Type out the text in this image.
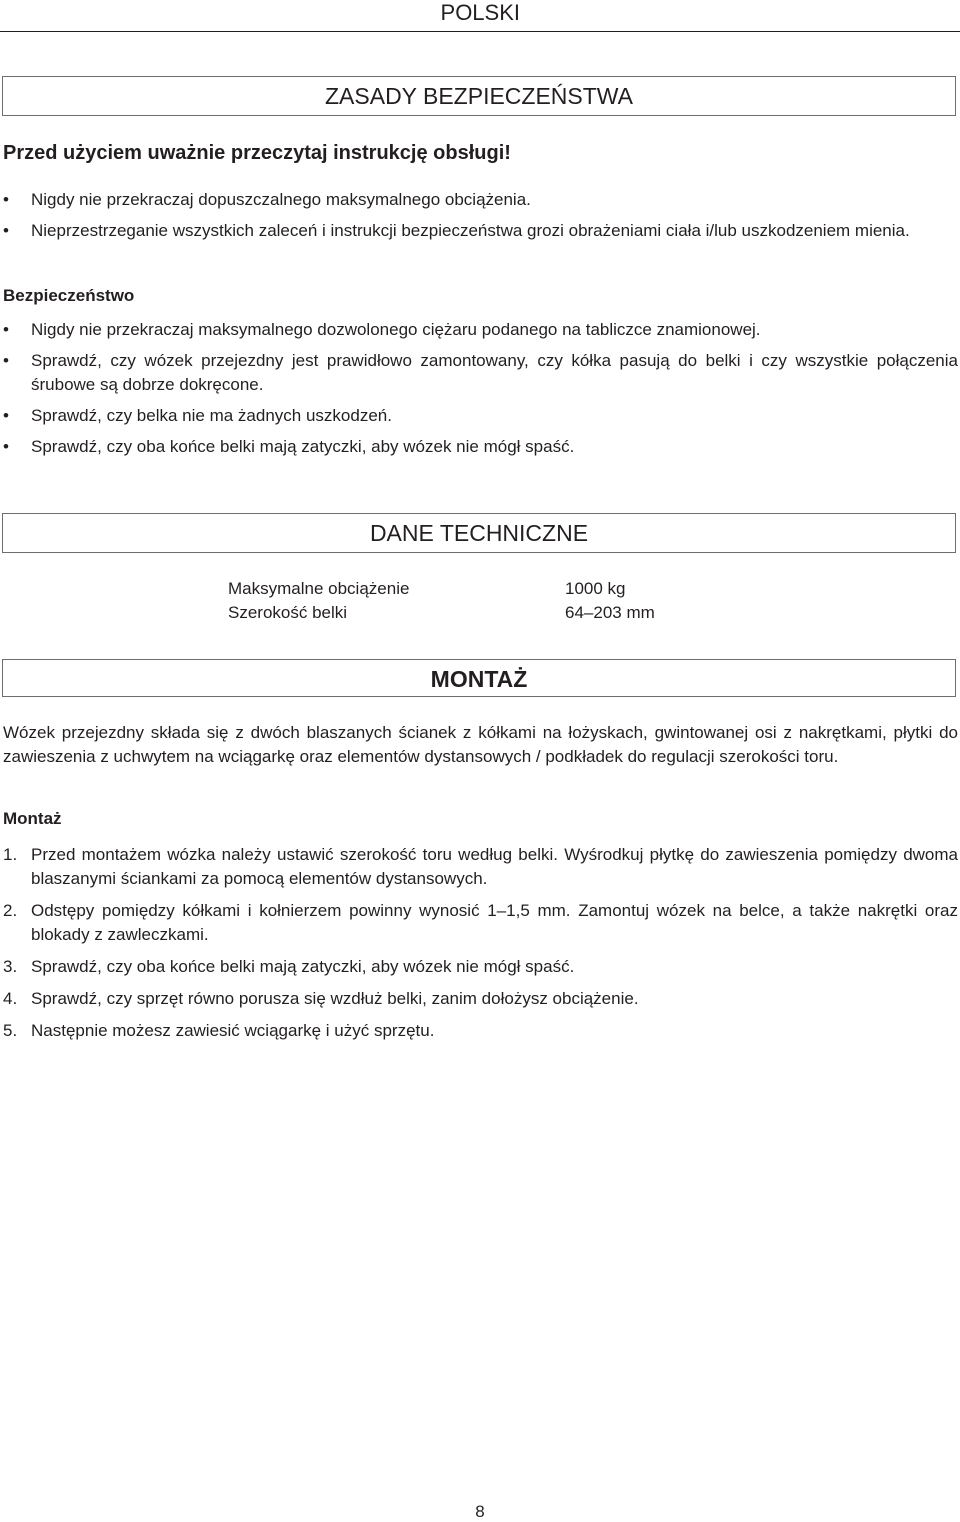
POLSKI
ZASADY BEZPIECZEŃSTWA
Przed użyciem uważnie przeczytaj instrukcję obsługi!
• Nigdy nie przekraczaj dopuszczalnego maksymalnego obciążenia.
• Nieprzestrzeganie wszystkich zaleceń i instrukcji bezpieczeństwa grozi obrażeniami ciała i/lub uszkodzeniem mienia.
Bezpieczeństwo
• Nigdy nie przekraczaj maksymalnego dozwolonego ciężaru podanego na tabliczce znamionowej.
• Sprawdź, czy wózek przejezdny jest prawidłowo zamontowany, czy kółka pasują do belki i czy wszystkie połączenia śrubowe są dobrze dokręcone.
• Sprawdź, czy belka nie ma żadnych uszkodzeń.
• Sprawdź, czy oba końce belki mają zatyczki, aby wózek nie mógł spaść.
DANE TECHNICZNE
Maksymalne obciążenie	1000 kg
Szerokość belki	64–203 mm
MONTAŻ
Wózek przejezdny składa się z dwóch blaszanych ścianek z kółkami na łożyskach, gwintowanej osi z nakrętkami, płytki do zawieszenia z uchwytem na wciągarkę oraz elementów dystansowych / podkładek do regulacji szerokości toru.
Montaż
1. Przed montażem wózka należy ustawić szerokość toru według belki. Wyśrodkuj płytkę do zawieszenia pomiędzy dwoma blaszanymi ściankami za pomocą elementów dystansowych.
2. Odstępy pomiędzy kółkami i kołnierzem powinny wynosić 1–1,5 mm. Zamontuj wózek na belce, a także nakrętki oraz blokady z zawleczkami.
3. Sprawdź, czy oba końce belki mają zatyczki, aby wózek nie mógł spaść.
4. Sprawdź, czy sprzęt równo porusza się wzdłuż belki, zanim dołożysz obciążenie.
5. Następnie możesz zawiesić wciągarkę i użyć sprzętu.
8
